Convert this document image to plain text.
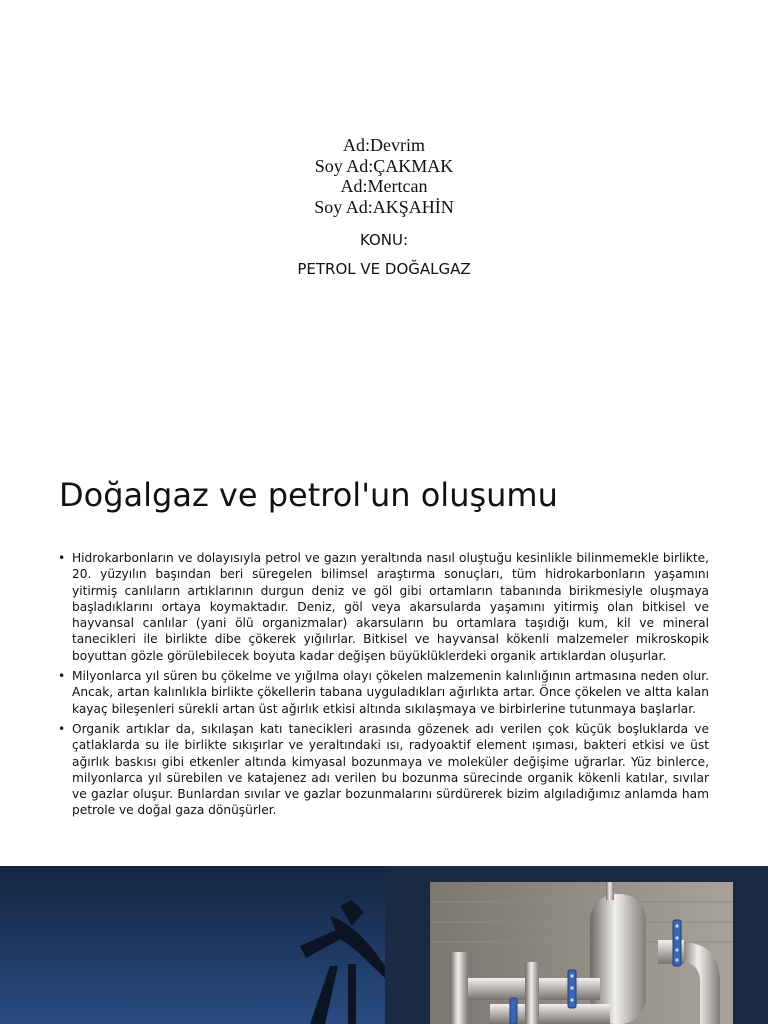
Ad:Devrim
Soy Ad:ÇAKMAK
Ad:Mertcan
Soy Ad:AKŞAHİN
KONU:
PETROL VE DOĞALGAZ
Doğalgaz ve petrol'un oluşumu
• Hidrokarbonların ve dolayısıyla petrol ve gazın yeraltında nasıl oluştuğu kesinlikle bilinmemekle birlikte, 20. yüzyılın başından beri süregelen bilimsel araştırma sonuçları, tüm hidrokarbonların yaşamını yitirmiş canlıların artıklarının durgun deniz ve göl gibi ortamların tabanında birikmesiyle oluşmaya başladıklarını ortaya koymaktadır. Deniz, göl veya akarsularda yaşamını yitirmiş olan bitkisel ve hayvansal canlılar (yani ölü organizmalar) akarsuların bu ortamlara taşıdığı kum, kil ve mineral tanecikleri ile birlikte dibe çökerek yığılırlar. Bitkisel ve hayvansal kökenli malzemeler mikroskopik boyuttan gözle görülebilecek boyuta kadar değişen büyüklüklerdeki organik artıklardan oluşurlar.
• Milyonlarca yıl süren bu çökelme ve yığılma olayı çökelen malzemenin kalınlığının artmasına neden olur. Ancak, artan kalınlıkla birlikte çökellerin tabana uyguladıkları ağırlıkta artar. Önce çökelen ve altta kalan kayaç bileşenleri sürekli artan üst ağırlık etkisi altında sıkılaşmaya ve birbirlerine tutunmaya başlarlar.
• Organik artıklar da, sıkılaşan katı tanecikleri arasında gözenek adı verilen çok küçük boşluklarda ve çatlaklarda su ile birlikte sıkışırlar ve yeraltındaki ısı, radyoaktif element ışıması, bakteri etkisi ve üst ağırlık baskısı gibi etkenler altında kimyasal bozunmaya ve moleküler değişime uğrarlar. Yüz binlerce, milyonlarca yıl sürebilen ve katajenez adı verilen bu bozunma sürecinde organik kökenli katılar, sıvılar ve gazlar oluşur. Bunlardan sıvılar ve gazlar bozunmalarını sürdürerek bizim algıladığımız anlamda ham petrole ve doğal gaza dönüşürler.
